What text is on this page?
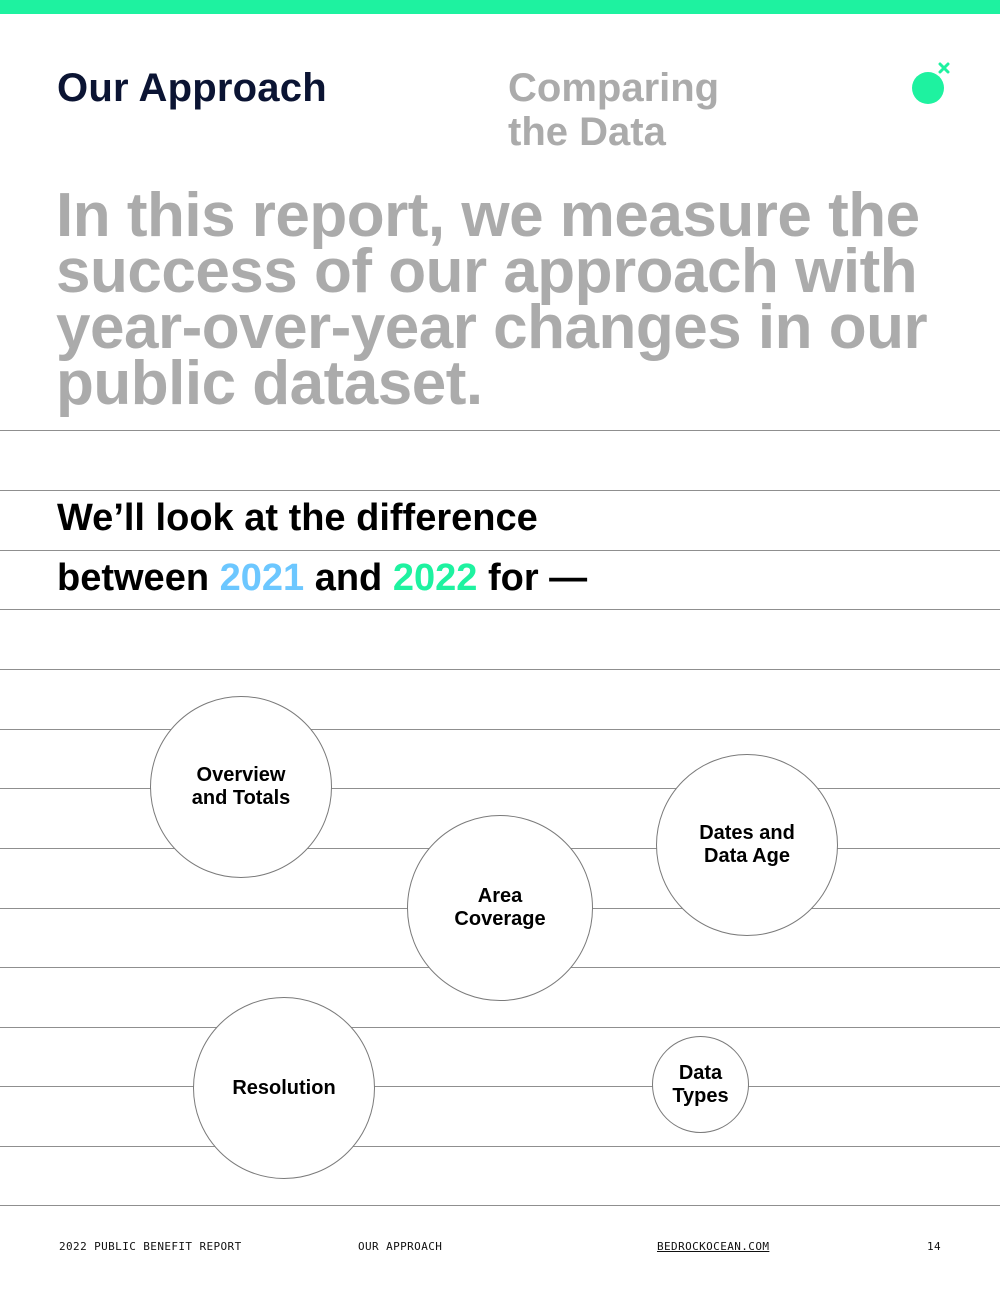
Our Approach	Comparing
the Data

In this report, we measure the success of our approach with year-over-year changes in our public dataset.

We’ll look at the difference

between 2021 and 2022 for —

Overview
and Totals
Area
Coverage
Dates and
Data Age
Resolution
Data
Types

2022 PUBLIC BENEFIT REPORT	OUR APPROACH	BEDROCKOCEAN.COM	14
